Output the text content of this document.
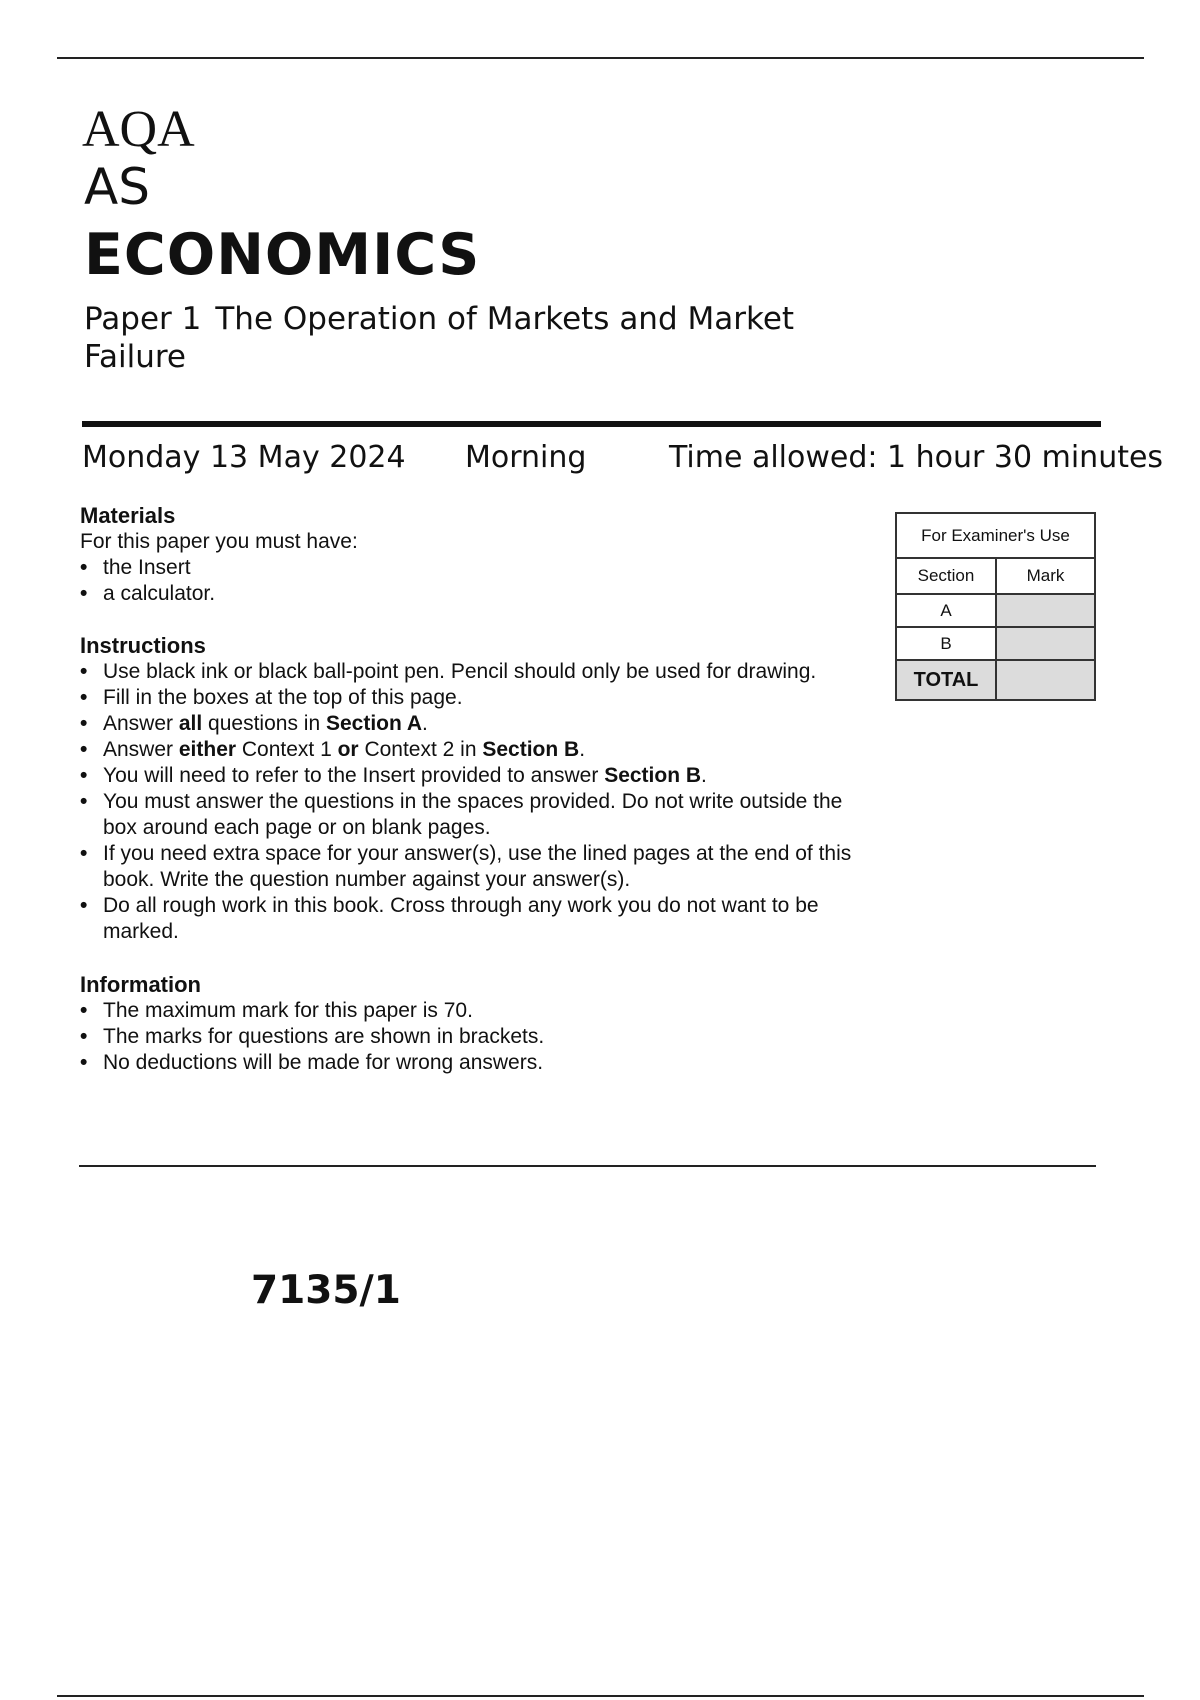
AQA
AS
ECONOMICS
Paper 1 The Operation of Markets and Market Failure
Monday 13 May 2024 Morning	Time allowed: 1 hour 30 minutes
Materials

For this paper you must have:

• the Insert
• a calculator.
Instructions
• Use black ink or black ball-point pen. Pencil should only be used for drawing.
• Fill in the boxes at the top of this page.
• Answer all questions in Section A.
• Answer either Context 1 or Context 2 in Section B.
• You will need to refer to the Insert provided to answer Section B.
• You must answer the questions in the spaces provided. Do not write outside the box around each page or on blank pages.
• If you need extra space for your answer(s), use the lined pages at the end of this book. Write the question number against your answer(s).
• Do all rough work in this book. Cross through any work you do not want to be marked.
Information
• The maximum mark for this paper is 70.
• The marks for questions are shown in brackets.
• No deductions will be made for wrong answers.
For Examiner's Use	
Section	Mark
A	
B	
TOTAL	
7135/1
